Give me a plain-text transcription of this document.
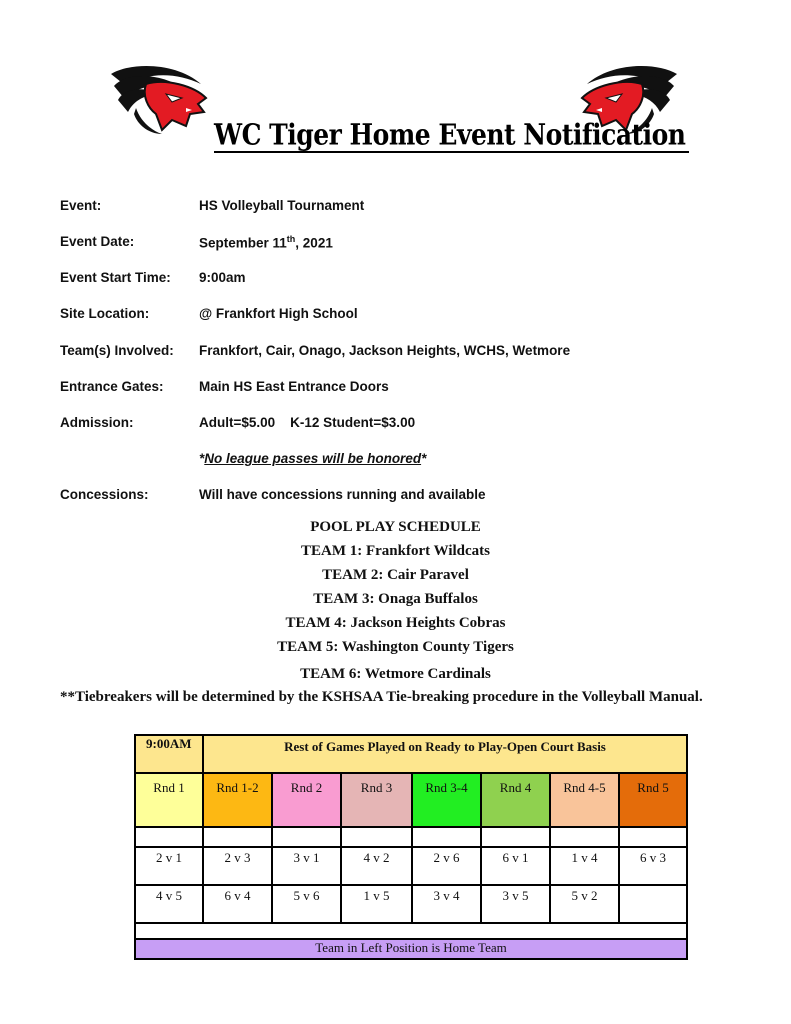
WC Tiger Home Event Notification
Event:	HS Volleyball Tournament
Event Date:	September 11th, 2021
Event Start Time: 9:00am
Site Location:	@ Frankfort High School
Team(s) Involved: Frankfort, Cair, Onago, Jackson Heights, WCHS, Wetmore
Entrance Gates:	Main HS East Entrance Doors
Admission:	Adult=$5.00    K-12 Student=$3.00
*No league passes will be honored*
Concessions:	Will have concessions running and available
POOL PLAY SCHEDULE
TEAM 1: Frankfort Wildcats
TEAM 2: Cair Paravel
TEAM 3: Onaga Buffalos
TEAM 4: Jackson Heights Cobras
TEAM 5: Washington County Tigers
TEAM 6: Wetmore Cardinals
**Tiebreakers will be determined by the KSHSAA Tie-breaking procedure in the Volleyball Manual.
9:00AM	Rest of Games Played on Ready to Play-Open Court Basis						
Rnd 1	Rnd 1-2	Rnd 2	Rnd 3	Rnd 3-4	Rnd 4	Rnd 4-5	Rnd 5

2 v 1	2 v 3	3 v 1	4 v 2	2 v 6	6 v 1	1 v 4	6 v 3
4 v 5	6 v 4	5 v 6	1 v 5	3 v 4	3 v 5	5 v 2	

Team in Left Position is Home Team							
